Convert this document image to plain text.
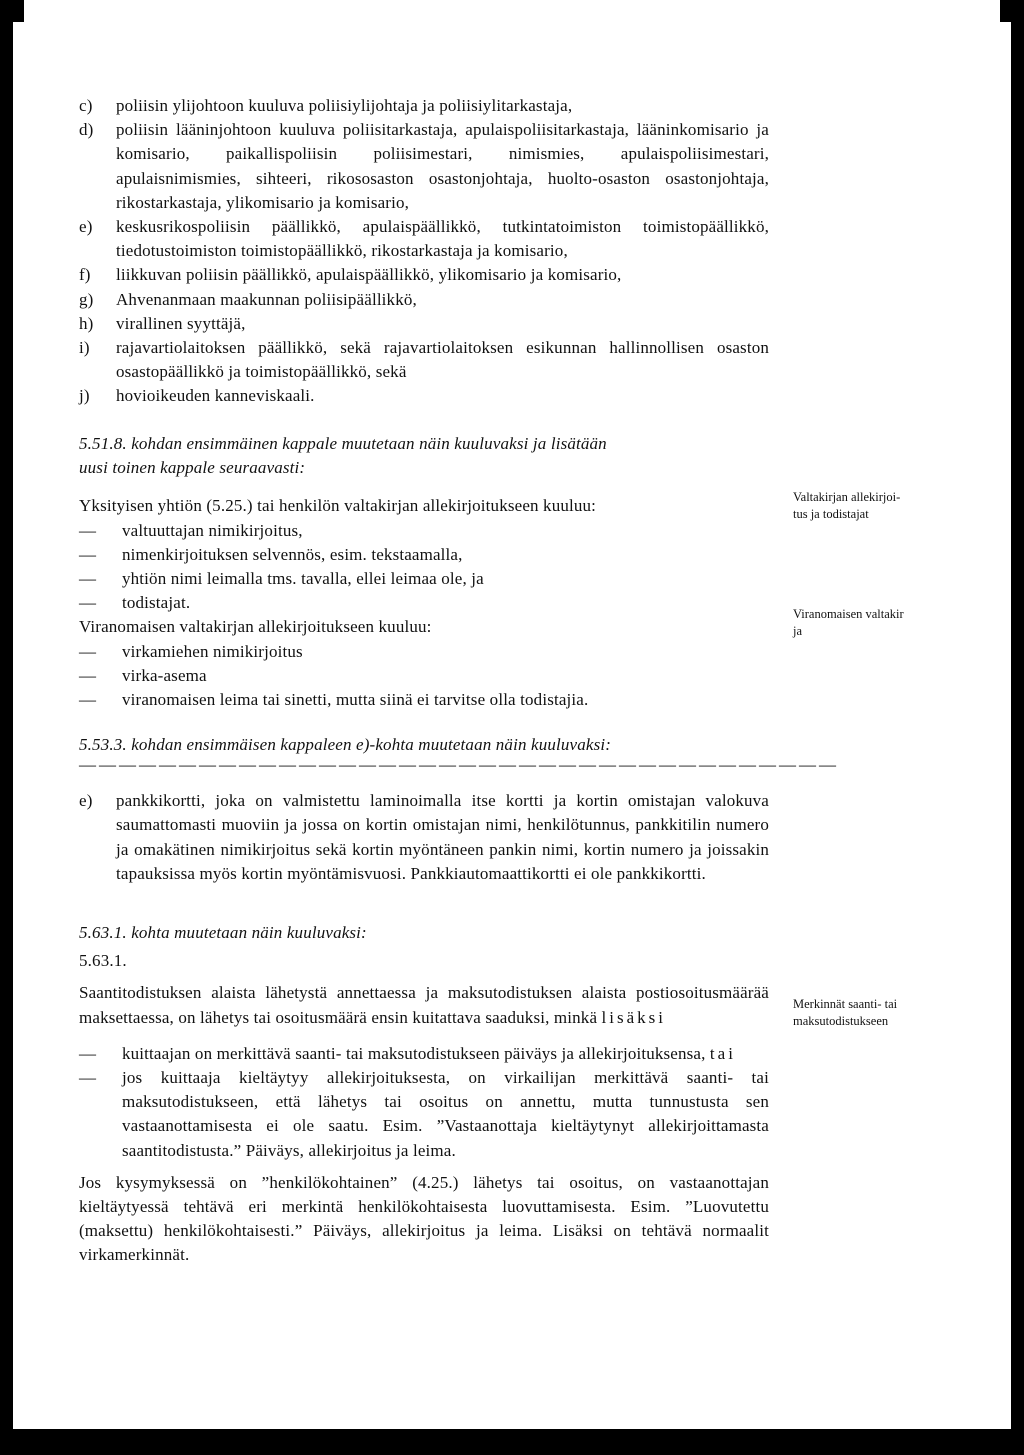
c)	poliisin ylijohtoon kuuluva poliisiylijohtaja ja poliisiylitarkastaja,
d)	poliisin lääninjohtoon kuuluva poliisitarkastaja, apulaispoliisitarkastaja, lääninkomisario ja komisario, paikallispoliisin poliisimestari, nimismies, apulaispoliisimestari, apulaisnimismies, sihteeri, rikososaston osastonjohtaja, huolto-osaston osastonjohtaja, rikostarkastaja, ylikomisario ja komisario,
e)	keskusrikospoliisin päällikkö, apulaispäällikkö, tutkintatoimiston toimistopäällikkö, tiedotustoimiston toimistopäällikkö, rikostarkastaja ja komisario,
f)	liikkuvan poliisin päällikkö, apulaispäällikkö, ylikomisario ja komisario,
g)	Ahvenanmaan maakunnan poliisipäällikkö,
h)	virallinen syyttäjä,
i)	rajavartiolaitoksen päällikkö, sekä rajavartiolaitoksen esikunnan hallinnollisen osaston osastopäällikkö ja toimistopäällikkö, sekä
j)	hovioikeuden kanneviskaali.
5.51.8. kohdan ensimmäinen kappale muutetaan näin kuuluvaksi ja lisätään
uusi toinen kappale seuraavasti:
Yksityisen yhtiön (5.25.) tai henkilön valtakirjan allekirjoitukseen kuuluu:
—	valtuuttajan nimikirjoitus,
—	nimenkirjoituksen selvennös, esim. tekstaamalla,
—	yhtiön nimi leimalla tms. tavalla, ellei leimaa ole, ja
—	todistajat.
Viranomaisen valtakirjan allekirjoitukseen kuuluu:
—	virkamiehen nimikirjoitus
—	virka-asema
—	viranomaisen leima tai sinetti, mutta siinä ei tarvitse olla todistajia.
Valtakirjan allekirjoi-
tus ja todistajat
Viranomaisen valtakir
ja
5.53.3. kohdan ensimmäisen kappaleen e)-kohta muutetaan näin kuuluvaksi:
——————————————————————————————————————
e)	pankkikortti, joka on valmistettu laminoimalla itse kortti ja kortin omistajan valokuva saumattomasti muoviin ja jossa on kortin omistajan nimi, henkilötunnus, pankkitilin numero ja omakätinen nimikirjoitus sekä kortin myöntäneen pankin nimi, kortin numero ja joissakin tapauksissa myös kortin myöntämisvuosi. Pankkiautomaattikortti ei ole pankkikortti.
5.63.1. kohta muutetaan näin kuuluvaksi:
5.63.1.
Saantitodistuksen alaista lähetystä annettaessa ja maksutodistuksen alaista postiosoitusmäärää maksettaessa, on lähetys tai osoitusmäärä ensin kuitattava saaduksi, minkä lisäksi
—	kuittaajan on merkittävä saanti- tai maksutodistukseen päiväys ja allekirjoituksensa, tai
—	jos kuittaaja kieltäytyy allekirjoituksesta, on virkailijan merkittävä saanti- tai maksutodistukseen, että lähetys tai osoitus on annettu, mutta tunnustusta sen vastaanottamisesta ei ole saatu. Esim. ”Vastaanottaja kieltäytynyt allekirjoittamasta saantitodistusta.” Päiväys, allekirjoitus ja leima.
Jos kysymyksessä on ”henkilökohtainen” (4.25.) lähetys tai osoitus, on vastaanottajan kieltäytyessä tehtävä eri merkintä henkilökohtaisesta luovuttamisesta. Esim. ”Luovutettu (maksettu) henkilökohtaisesti.” Päiväys, allekirjoitus ja leima. Lisäksi on tehtävä normaalit virkamerkinnät.
Merkinnät saanti- tai
maksutodistukseen
